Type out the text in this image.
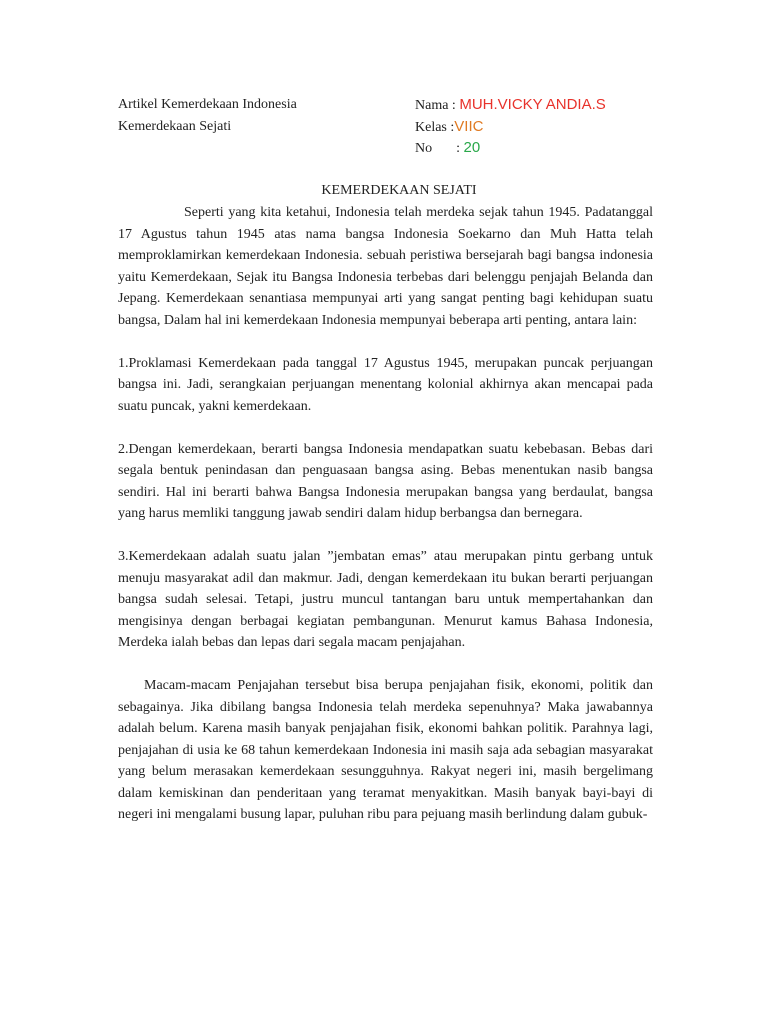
Artikel Kemerdekaan Indonesia
Kemerdekaan Sejati
Nama : MUH.VICKY ANDIA.S
Kelas :VIIC
No : 20
KEMERDEKAAN SEJATI

Seperti yang kita ketahui, Indonesia telah merdeka sejak tahun 1945. Padatanggal 17 Agustus tahun 1945 atas nama bangsa Indonesia Soekarno dan Muh Hatta telah memproklamirkan kemerdekaan Indonesia. sebuah peristiwa bersejarah bagi bangsa indonesia yaitu Kemerdekaan, Sejak itu Bangsa Indonesia terbebas dari belenggu penjajah Belanda dan Jepang. Kemerdekaan senantiasa mempunyai arti yang sangat penting bagi kehidupan suatu bangsa, Dalam hal ini kemerdekaan Indonesia mempunyai beberapa arti penting, antara lain:

1.Proklamasi Kemerdekaan pada tanggal 17 Agustus 1945, merupakan puncak perjuangan bangsa ini. Jadi, serangkaian perjuangan menentang kolonial akhirnya akan mencapai pada suatu puncak, yakni kemerdekaan.

2.Dengan kemerdekaan, berarti bangsa Indonesia mendapatkan suatu kebebasan. Bebas dari segala bentuk penindasan dan penguasaan bangsa asing. Bebas menentukan nasib bangsa sendiri. Hal ini berarti bahwa Bangsa Indonesia merupakan bangsa yang berdaulat, bangsa yang harus memliki tanggung jawab sendiri dalam hidup berbangsa dan bernegara.

3.Kemerdekaan adalah suatu jalan ”jembatan emas” atau merupakan pintu gerbang untuk menuju masyarakat adil dan makmur. Jadi, dengan kemerdekaan itu bukan berarti perjuangan bangsa sudah selesai. Tetapi, justru muncul tantangan baru untuk mempertahankan dan mengisinya dengan berbagai kegiatan pembangunan. Menurut kamus Bahasa Indonesia, Merdeka ialah bebas dan lepas dari segala macam penjajahan.

Macam-macam Penjajahan tersebut bisa berupa penjajahan fisik, ekonomi, politik dan sebagainya. Jika dibilang bangsa Indonesia telah merdeka sepenuhnya? Maka jawabannya adalah belum. Karena masih banyak penjajahan fisik, ekonomi bahkan politik. Parahnya lagi, penjajahan di usia ke 68 tahun kemerdekaan Indonesia ini masih saja ada sebagian masyarakat yang belum merasakan kemerdekaan sesungguhnya. Rakyat negeri ini, masih bergelimang dalam kemiskinan dan penderitaan yang teramat menyakitkan. Masih banyak bayi-bayi di negeri ini mengalami busung lapar, puluhan ribu para pejuang masih berlindung dalam gubuk-
